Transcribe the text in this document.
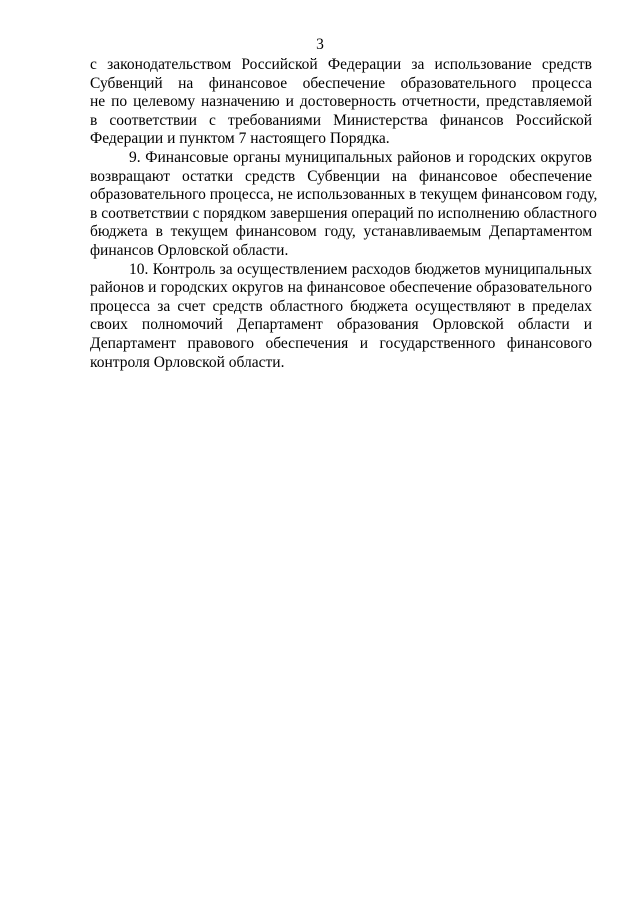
3
с законодательством Российской Федерации за использование средств
Субвенций на финансовое обеспечение образовательного процесса
не по целевому назначению и достоверность отчетности, представляемой
в соответствии с требованиями Министерства финансов Российской
Федерации и пунктом 7 настоящего Порядка.
9. Финансовые органы муниципальных районов и городских округов
возвращают остатки средств Субвенции на финансовое обеспечение
образовательного процесса, не использованных в текущем финансовом году,
в соответствии с порядком завершения операций по исполнению областного
бюджета в текущем финансовом году, устанавливаемым Департаментом
финансов Орловской области.
10. Контроль за осуществлением расходов бюджетов муниципальных
районов и городских округов на финансовое обеспечение образовательного
процесса за счет средств областного бюджета осуществляют в пределах
своих полномочий Департамент образования Орловской области и
Департамент правового обеспечения и государственного финансового
контроля Орловской области.
